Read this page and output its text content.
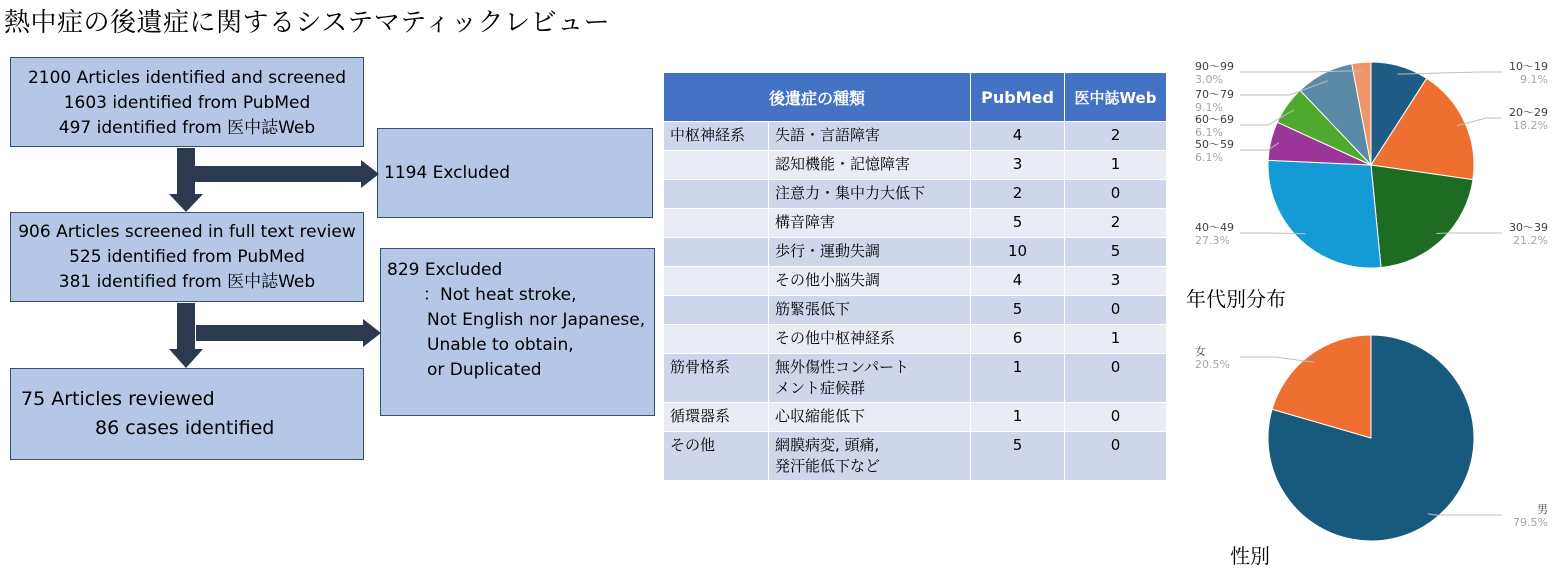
熱中症の後遺症に関するシステマティックレビュー
2100 Articles identified and screened
1603 identified from PubMed
497 identified from 医中誌Web
1194 Excluded
906 Articles screened in full text review
525 identified from PubMed
381 identified from 医中誌Web
829 Excluded
：Not heat stroke,
Not English nor Japanese,
Unable to obtain,
or Duplicated
75 Articles reviewed
86 cases identified
後遺症の種類		PubMed	医中誌Web
中枢神経系	失語・言語障害	4	2
	認知機能・記憶障害	3	1
	注意力・集中力大低下	2	0
	構音障害	5	2
	歩行・運動失調	10	5
	その他小脳失調	4	3
	筋緊張低下	5	0
	その他中枢神経系	6	1
筋骨格系	無外傷性コンパート
メント症候群	1	0
循環器系	心収縮能低下	1	0
その他	網膜病変, 頭痛,
発汗能低下など	5	0
10～19
9.1%
20～29
18.2%
30～39
21.2%
40～49
27.3%
50～59
6.1%
60～69
6.1%
70～79
9.1%
90～99
3.0%
年代別分布
男
79.5%
女
20.5%
性別
